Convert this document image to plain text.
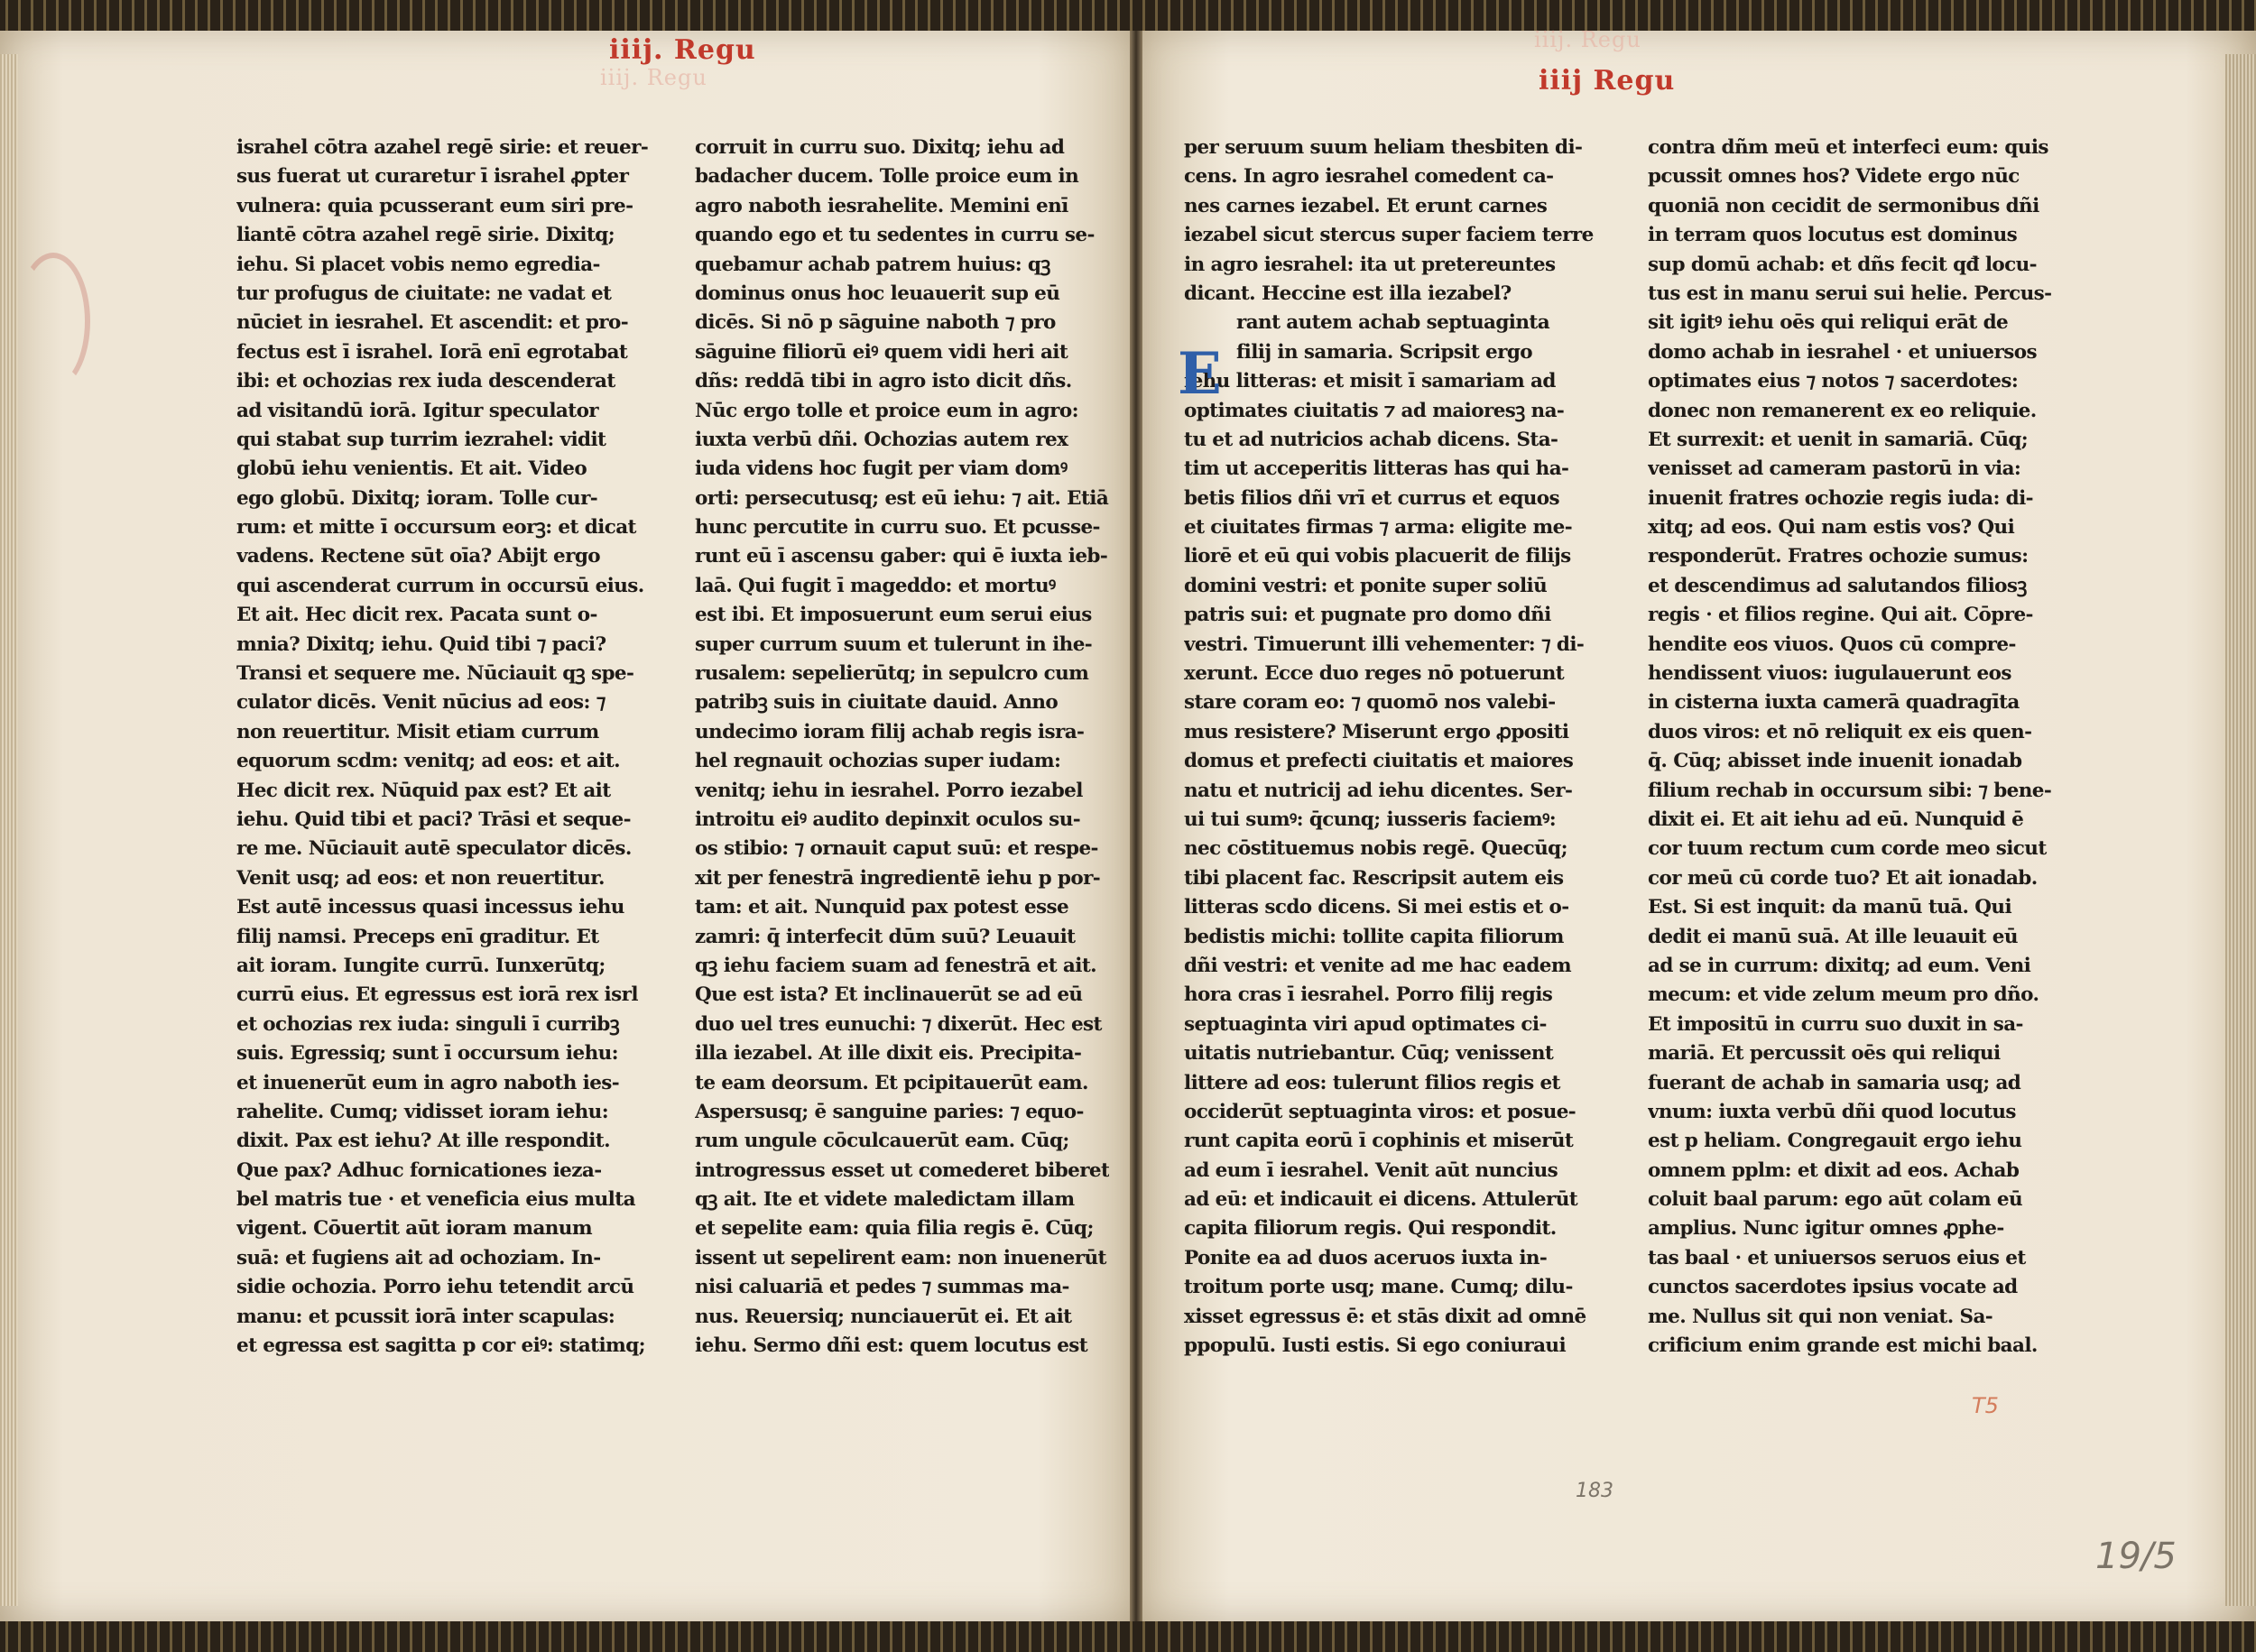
iiij. Regu
iiij. Regu
iiij. Regu
iiij Regu
israhel cōtra azahel regē sirie: et reuer-
sus fuerat ut curaretur ī israhel ꝓpter
vulnera: quia pcusserant eum siri pre-
liantē cōtra azahel regē sirie. Dixitq;
iehu. Si placet vobis nemo egredia-
tur profugus de ciuitate: ne vadat et
nūciet in iesrahel. Et ascendit: et pro-
fectus est ī israhel. Iorā enī egrotabat
ibi: et ochozias rex iuda descenderat
ad visitandū iorā. Igitur speculator
qui stabat sup turrim iezrahel: vidit
globū iehu venientis. Et ait. Video
ego globū. Dixitq; ioram. Tolle cur-
rum: et mitte ī occursum eorꝫ: et dicat
vadens. Rectene sūt oīa? Abijt ergo
qui ascenderat currum in occursū eius.
Et ait. Hec dicit rex. Pacata sunt o-
mnia? Dixitq; iehu. Quid tibi ⁊ paci?
Transi et sequere me. Nūciauit qꝫ spe-
culator dicēs. Venit nūcius ad eos: ⁊
non reuertitur. Misit etiam currum
equorum scdm: venitq; ad eos: et ait.
Hec dicit rex. Nūquid pax est? Et ait
iehu. Quid tibi et paci? Trāsi et seque-
re me. Nūciauit autē speculator dicēs.
Venit usq; ad eos: et non reuertitur.
Est autē incessus quasi incessus iehu
filij namsi. Preceps enī graditur. Et
ait ioram. Iungite currū. Iunxerūtq;
currū eius. Et egressus est iorā rex isrl
et ochozias rex iuda: singuli ī curribꝫ
suis. Egressiq; sunt ī occursum iehu:
et inuenerūt eum in agro naboth ies-
rahelite. Cumq; vidisset ioram iehu:
dixit. Pax est iehu? At ille respondit.
Que pax? Adhuc fornicationes ieza-
bel matris tue · et veneficia eius multa
vigent. Cōuertit aūt ioram manum
suā: et fugiens ait ad ochoziam. In-
sidie ochozia. Porro iehu tetendit arcū
manu: et pcussit iorā inter scapulas:
et egressa est sagitta p cor eiꝰ: statimq;
corruit in curru suo. Dixitq; iehu ad
badacher ducem. Tolle proice eum in
agro naboth iesrahelite. Memini enī
quando ego et tu sedentes in curru se-
quebamur achab patrem huius: qꝫ
dominus onus hoc leuauerit sup eū
dicēs. Si nō p sāguine naboth ⁊ pro
sāguine filiorū eiꝰ quem vidi heri ait
dñs: reddā tibi in agro isto dicit dñs.
Nūc ergo tolle et proice eum in agro:
iuxta verbū dñi. Ochozias autem rex
iuda videns hoc fugit per viam domꝰ
orti: persecutusq; est eū iehu: ⁊ ait. Etiā
hunc percutite in curru suo. Et pcusse-
runt eū ī ascensu gaber: qui ē iuxta ieb-
laā. Qui fugit ī mageddo: et mortuꝰ
est ibi. Et imposuerunt eum serui eius
super currum suum et tulerunt in ihe-
rusalem: sepelierūtq; in sepulcro cum
patribꝫ suis in ciuitate dauid. Anno
undecimo ioram filij achab regis isra-
hel regnauit ochozias super iudam:
venitq; iehu in iesrahel. Porro iezabel
introitu eiꝰ audito depinxit oculos su-
os stibio: ⁊ ornauit caput suū: et respe-
xit per fenestrā ingredientē iehu p por-
tam: et ait. Nunquid pax potest esse
zamri: q̄ interfecit dūm suū? Leuauit
qꝫ iehu faciem suam ad fenestrā et ait.
Que est ista? Et inclinauerūt se ad eū
duo uel tres eunuchi: ⁊ dixerūt. Hec est
illa iezabel. At ille dixit eis. Precipita-
te eam deorsum. Et pcipitauerūt eam.
Aspersusq; ē sanguine paries: ⁊ equo-
rum ungule cōculcauerūt eam. Cūq;
introgressus esset ut comederet biberet
qꝫ ait. Ite et videte maledictam illam
et sepelite eam: quia filia regis ē. Cūq;
issent ut sepelirent eam: non inuenerūt
nisi caluariā et pedes ⁊ summas ma-
nus. Reuersiq; nunciauerūt ei. Et ait
iehu. Sermo dñi est: quem locutus est
per seruum suum heliam thesbiten di-
cens. In agro iesrahel comedent ca-
nes carnes iezabel. Et erunt carnes
iezabel sicut stercus super faciem terre
in agro iesrahel: ita ut pretereuntes
dicant. Heccine est illa iezabel?
rant autem achab septuaginta
filij in samaria. Scripsit ergo
iehu litteras: et misit ī samariam ad
optimates ciuitatis ⁊ ad maioresꝫ na-
tu et ad nutricios achab dicens. Sta-
tim ut acceperitis litteras has qui ha-
betis filios dñi vrī et currus et equos
et ciuitates firmas ⁊ arma: eligite me-
liorē et eū qui vobis placuerit de filijs
domini vestri: et ponite super soliū
patris sui: et pugnate pro domo dñi
vestri. Timuerunt illi vehementer: ⁊ di-
xerunt. Ecce duo reges nō potuerunt
stare coram eo: ⁊ quomō nos valebi-
mus resistere? Miserunt ergo ꝓpositi
domus et prefecti ciuitatis et maiores
natu et nutricij ad iehu dicentes. Ser-
ui tui sumꝰ: q̄cunq; iusseris faciemꝰ:
nec cōstituemus nobis regē. Quecūq;
tibi placent fac. Rescripsit autem eis
litteras scdo dicens. Si mei estis et o-
bedistis michi: tollite capita filiorum
dñi vestri: et venite ad me hac eadem
hora cras ī iesrahel. Porro filij regis
septuaginta viri apud optimates ci-
uitatis nutriebantur. Cūq; venissent
littere ad eos: tulerunt filios regis et
occiderūt septuaginta viros: et posue-
runt capita eorū ī cophinis et miserūt
ad eum ī iesrahel. Venit aūt nuncius
ad eū: et indicauit ei dicens. Attulerūt
capita filiorum regis. Qui respondit.
Ponite ea ad duos aceruos iuxta in-
troitum porte usq; mane. Cumq; dilu-
xisset egressus ē: et stās dixit ad omnē
ppopulū. Iusti estis. Si ego coniuraui
contra dñm meū et interfeci eum: quis
pcussit omnes hos? Videte ergo nūc
quoniā non cecidit de sermonibus dñi
in terram quos locutus est dominus
sup domū achab: et dñs fecit qđ locu-
tus est in manu serui sui helie. Percus-
sit igitꝰ iehu oēs qui reliqui erāt de
domo achab in iesrahel · et uniuersos
optimates eius ⁊ notos ⁊ sacerdotes:
donec non remanerent ex eo reliquie.
Et surrexit: et uenit in samariā. Cūq;
venisset ad cameram pastorū in via:
inuenit fratres ochozie regis iuda: di-
xitq; ad eos. Qui nam estis vos? Qui
responderūt. Fratres ochozie sumus:
et descendimus ad salutandos filiosꝫ
regis · et filios regine. Qui ait. Cōpre-
hendite eos viuos. Quos cū compre-
hendissent viuos: iugulauerunt eos
in cisterna iuxta camerā quadragīta
duos viros: et nō reliquit ex eis quen-
q̄. Cūq; abisset inde inuenit ionadab
filium rechab in occursum sibi: ⁊ bene-
dixit ei. Et ait iehu ad eū. Nunquid ē
cor tuum rectum cum corde meo sicut
cor meū cū corde tuo? Et ait ionadab.
Est. Si est inquit: da manū tuā. Qui
dedit ei manū suā. At ille leuauit eū
ad se in currum: dixitq; ad eum. Veni
mecum: et vide zelum meum pro dño.
Et impositū in curru suo duxit in sa-
mariā. Et percussit oēs qui reliqui
fuerant de achab in samaria usq; ad
vnum: iuxta verbū dñi quod locutus
est p heliam. Congregauit ergo iehu
omnem pplm: et dixit ad eos. Achab
coluit baal parum: ego aūt colam eū
amplius. Nunc igitur omnes ꝓphe-
tas baal · et uniuersos seruos eius et
cunctos sacerdotes ipsius vocate ad
me. Nullus sit qui non veniat. Sa-
crificium enim grande est michi baal.
E
183
19/5
T5
